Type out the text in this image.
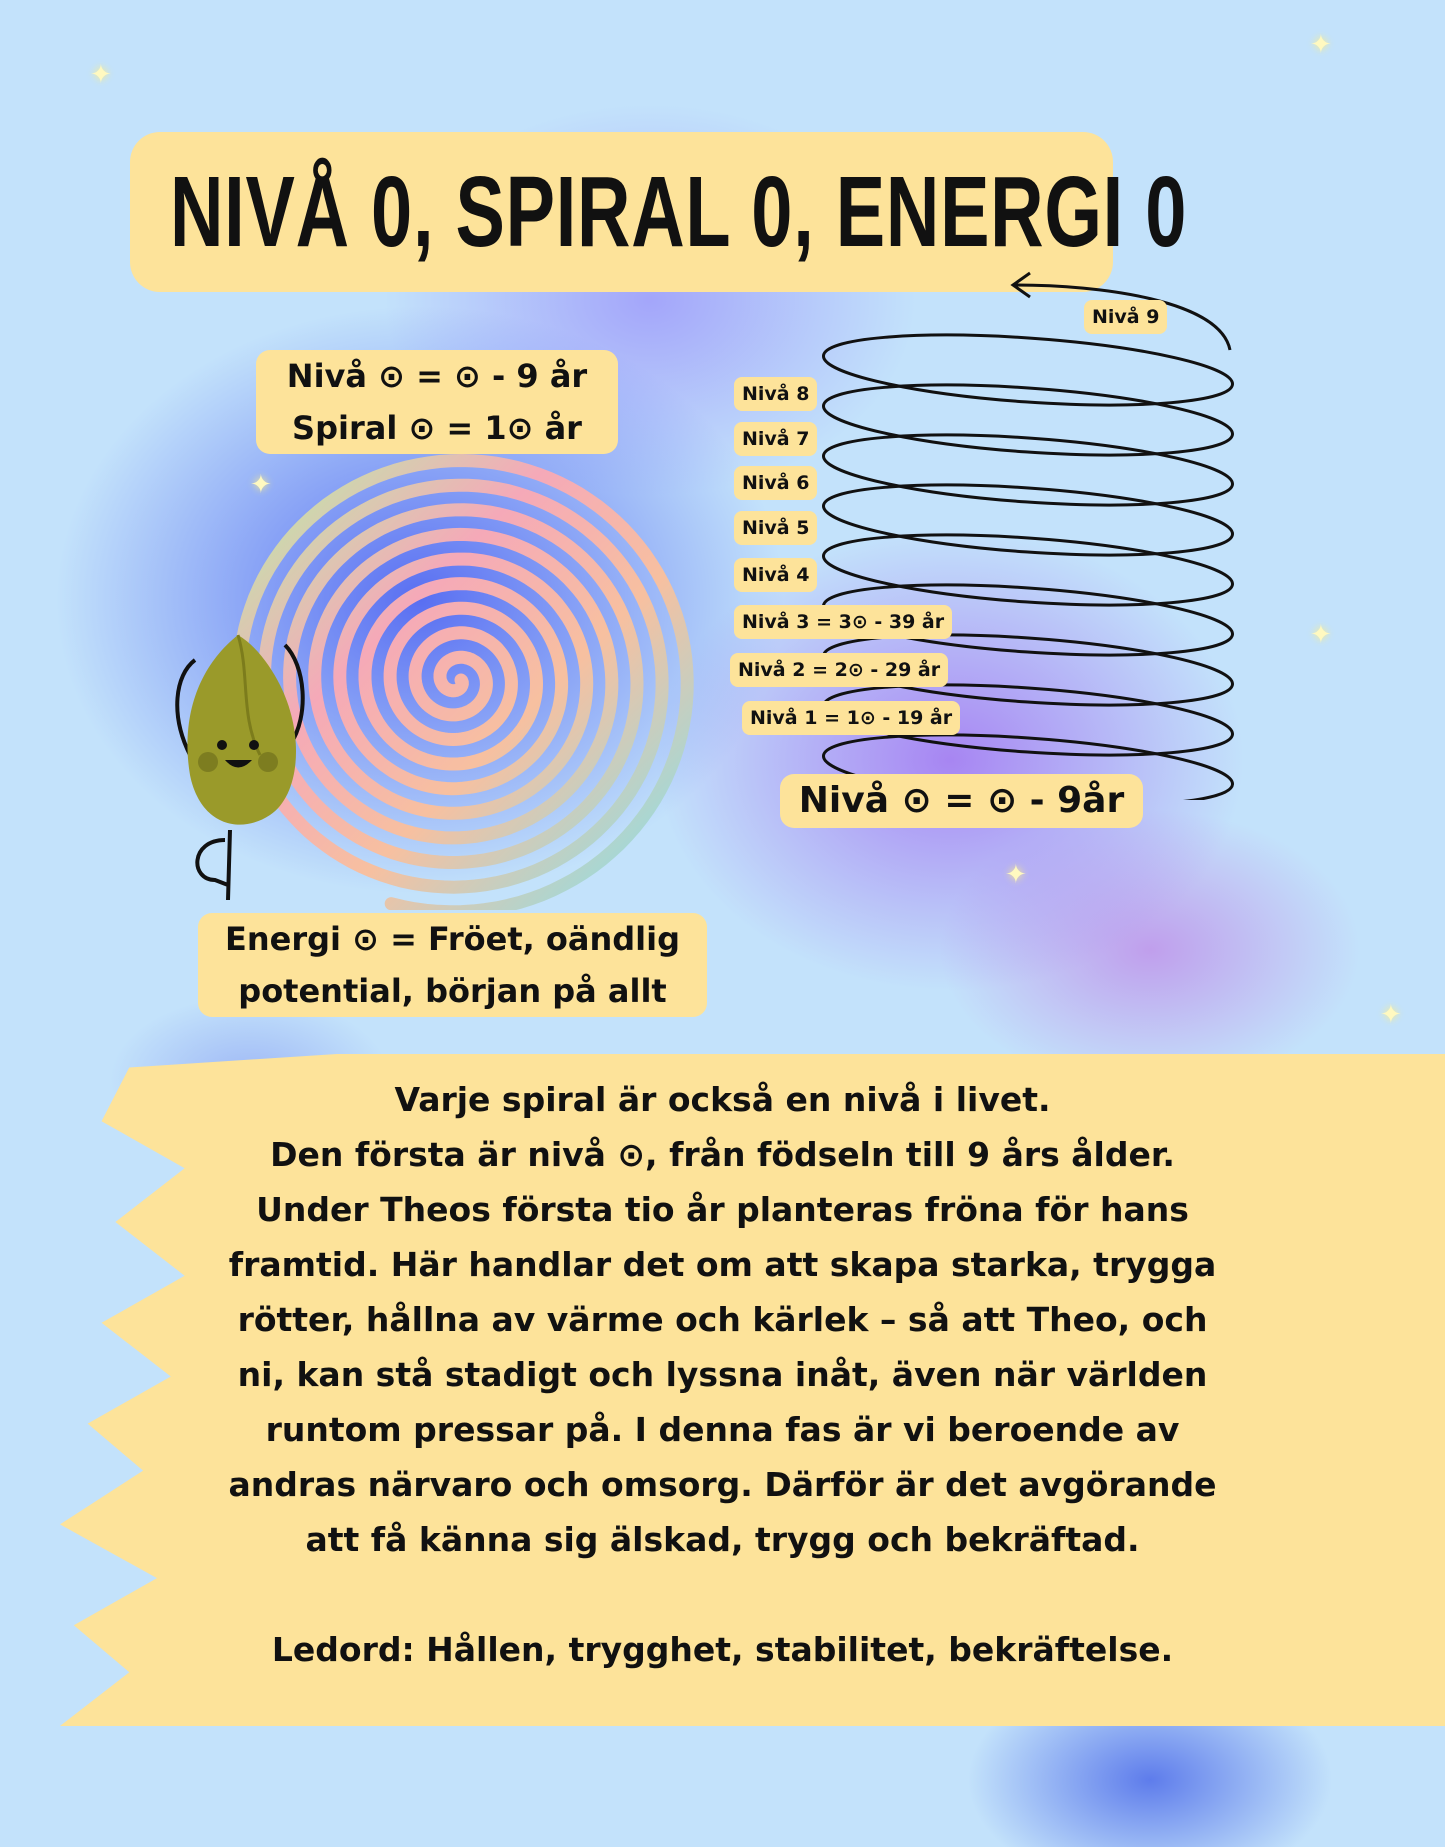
✦
✦
✦
✦
✦
✦
NIVÅ 0, SPIRAL 0, ENERGI 0
Nivå ⊙ = ⊙ - 9 år
Spiral ⊙ = 1⊙ år
Energi ⊙ = Fröet, oändlig
potential, början på allt
Nivå 9
Nivå 8
Nivå 7
Nivå 6
Nivå 5
Nivå 4
Nivå 3 = 3⊙ - 39 år
Nivå 2 = 2⊙ - 29 år
Nivå 1 = 1⊙ - 19 år
Nivå ⊙ = ⊙ - 9år
Varje spiral är också en nivå i livet.
Den första är nivå ⊙, från födseln till 9 års ålder.
Under Theos första tio år planteras fröna för hans
framtid. Här handlar det om att skapa starka, trygga
rötter, hållna av värme och kärlek – så att Theo, och
ni, kan stå stadigt och lyssna inåt, även när världen
runtom pressar på. I denna fas är vi beroende av
andras närvaro och omsorg. Därför är det avgörande
att få känna sig älskad, trygg och bekräftad.
Ledord: Hållen, trygghet, stabilitet, bekräftelse.
